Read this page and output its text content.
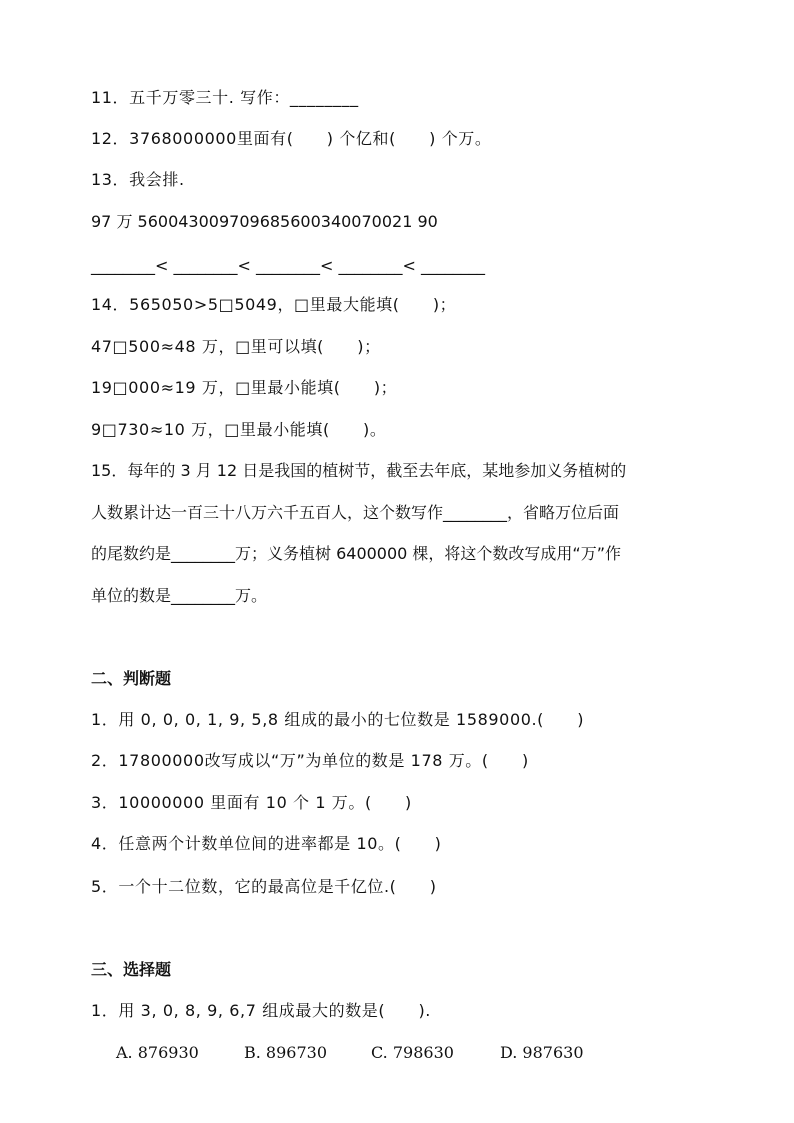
11．五千万零三十. 写作：________
12．3768000000里面有(　　) 个亿和(　　) 个万。
13．我会排.
97 万 560043009709685600340070021 90
________< ________< ________< ________< ________
14．565050>5□5049，□里最大能填(　　)；
47□500≈48 万，□里可以填(　　)；
19□000≈19 万，□里最小能填(　　)；
9□730≈10 万，□里最小能填(　　)。
15．每年的 3 月 12 日是我国的植树节，截至去年底，某地参加义务植树的
人数累计达一百三十八万六千五百人，这个数写作________，省略万位后面
的尾数约是________万；义务植树 6400000 棵，将这个数改写成用“万”作
单位的数是________万。
二、判断题
1．用 0, 0, 0, 1, 9, 5,8 组成的最小的七位数是 1589000.(　　)
2．17800000改写成以“万”为单位的数是 178 万。(　　)
3．10000000 里面有 10 个 1 万。(　　)
4．任意两个计数单位间的进率都是 10。(　　)
5．一个十二位数，它的最高位是千亿位.(　　)
三、选择题
1．用 3, 0, 8, 9, 6,7 组成最大的数是(　　).
A. 876930	B. 896730	C. 798630	D. 987630
